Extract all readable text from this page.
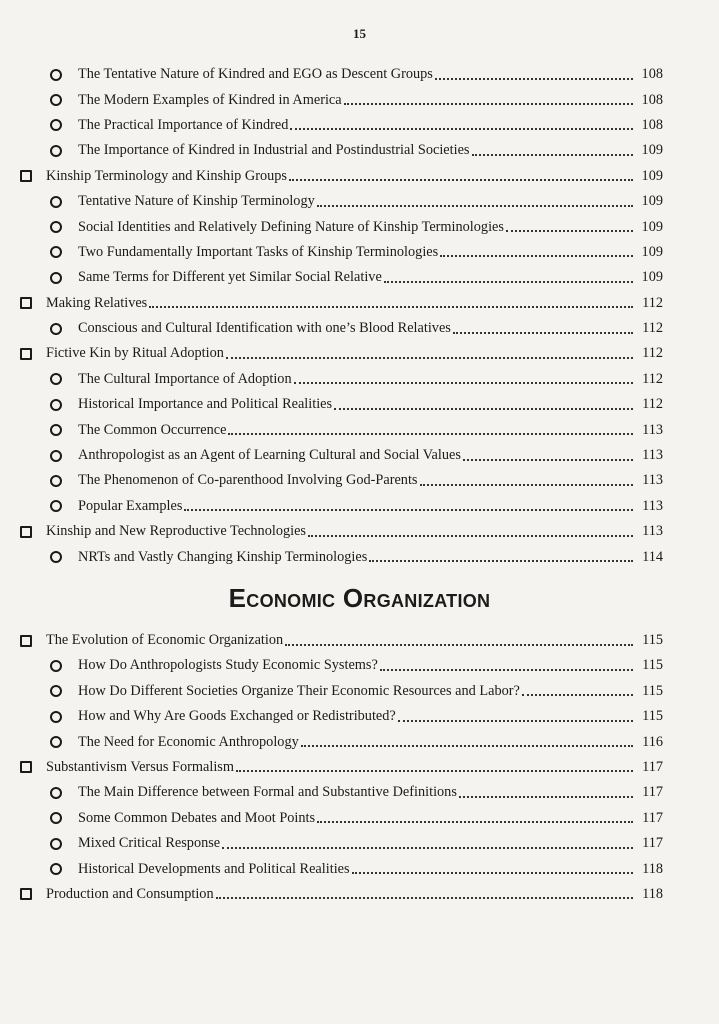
15
The Tentative Nature of Kindred and EGO as Descent Groups	108
The Modern Examples of Kindred in America	108
The Practical Importance of Kindred	108
The Importance of Kindred in Industrial and Postindustrial Societies	109
Kinship Terminology and Kinship Groups	109
Tentative Nature of Kinship Terminology	109
Social Identities and Relatively Defining Nature of Kinship Terminologies	109
Two Fundamentally Important Tasks of Kinship Terminologies	109
Same Terms for Different yet Similar Social Relative	109
Making Relatives	112
Conscious and Cultural Identification with one’s Blood Relatives	112
Fictive Kin by Ritual Adoption	112
The Cultural Importance of Adoption	112
Historical Importance and Political Realities	112
The Common Occurrence	113
Anthropologist as an Agent of Learning Cultural and Social Values	113
The Phenomenon of Co-parenthood Involving God-Parents	113
Popular Examples	113
Kinship and New Reproductive Technologies	113
NRTs and Vastly Changing Kinship Terminologies	114
Economic Organization
The Evolution of Economic Organization	115
How Do Anthropologists Study Economic Systems?	115
How Do Different Societies Organize Their Economic Resources and Labor?	115
How and Why Are Goods Exchanged or Redistributed?	115
The Need for Economic Anthropology	116
Substantivism Versus Formalism	117
The Main Difference between Formal and Substantive Definitions	117
Some Common Debates and Moot Points	117
Mixed Critical Response	117
Historical Developments and Political Realities	118
Production and Consumption	118
